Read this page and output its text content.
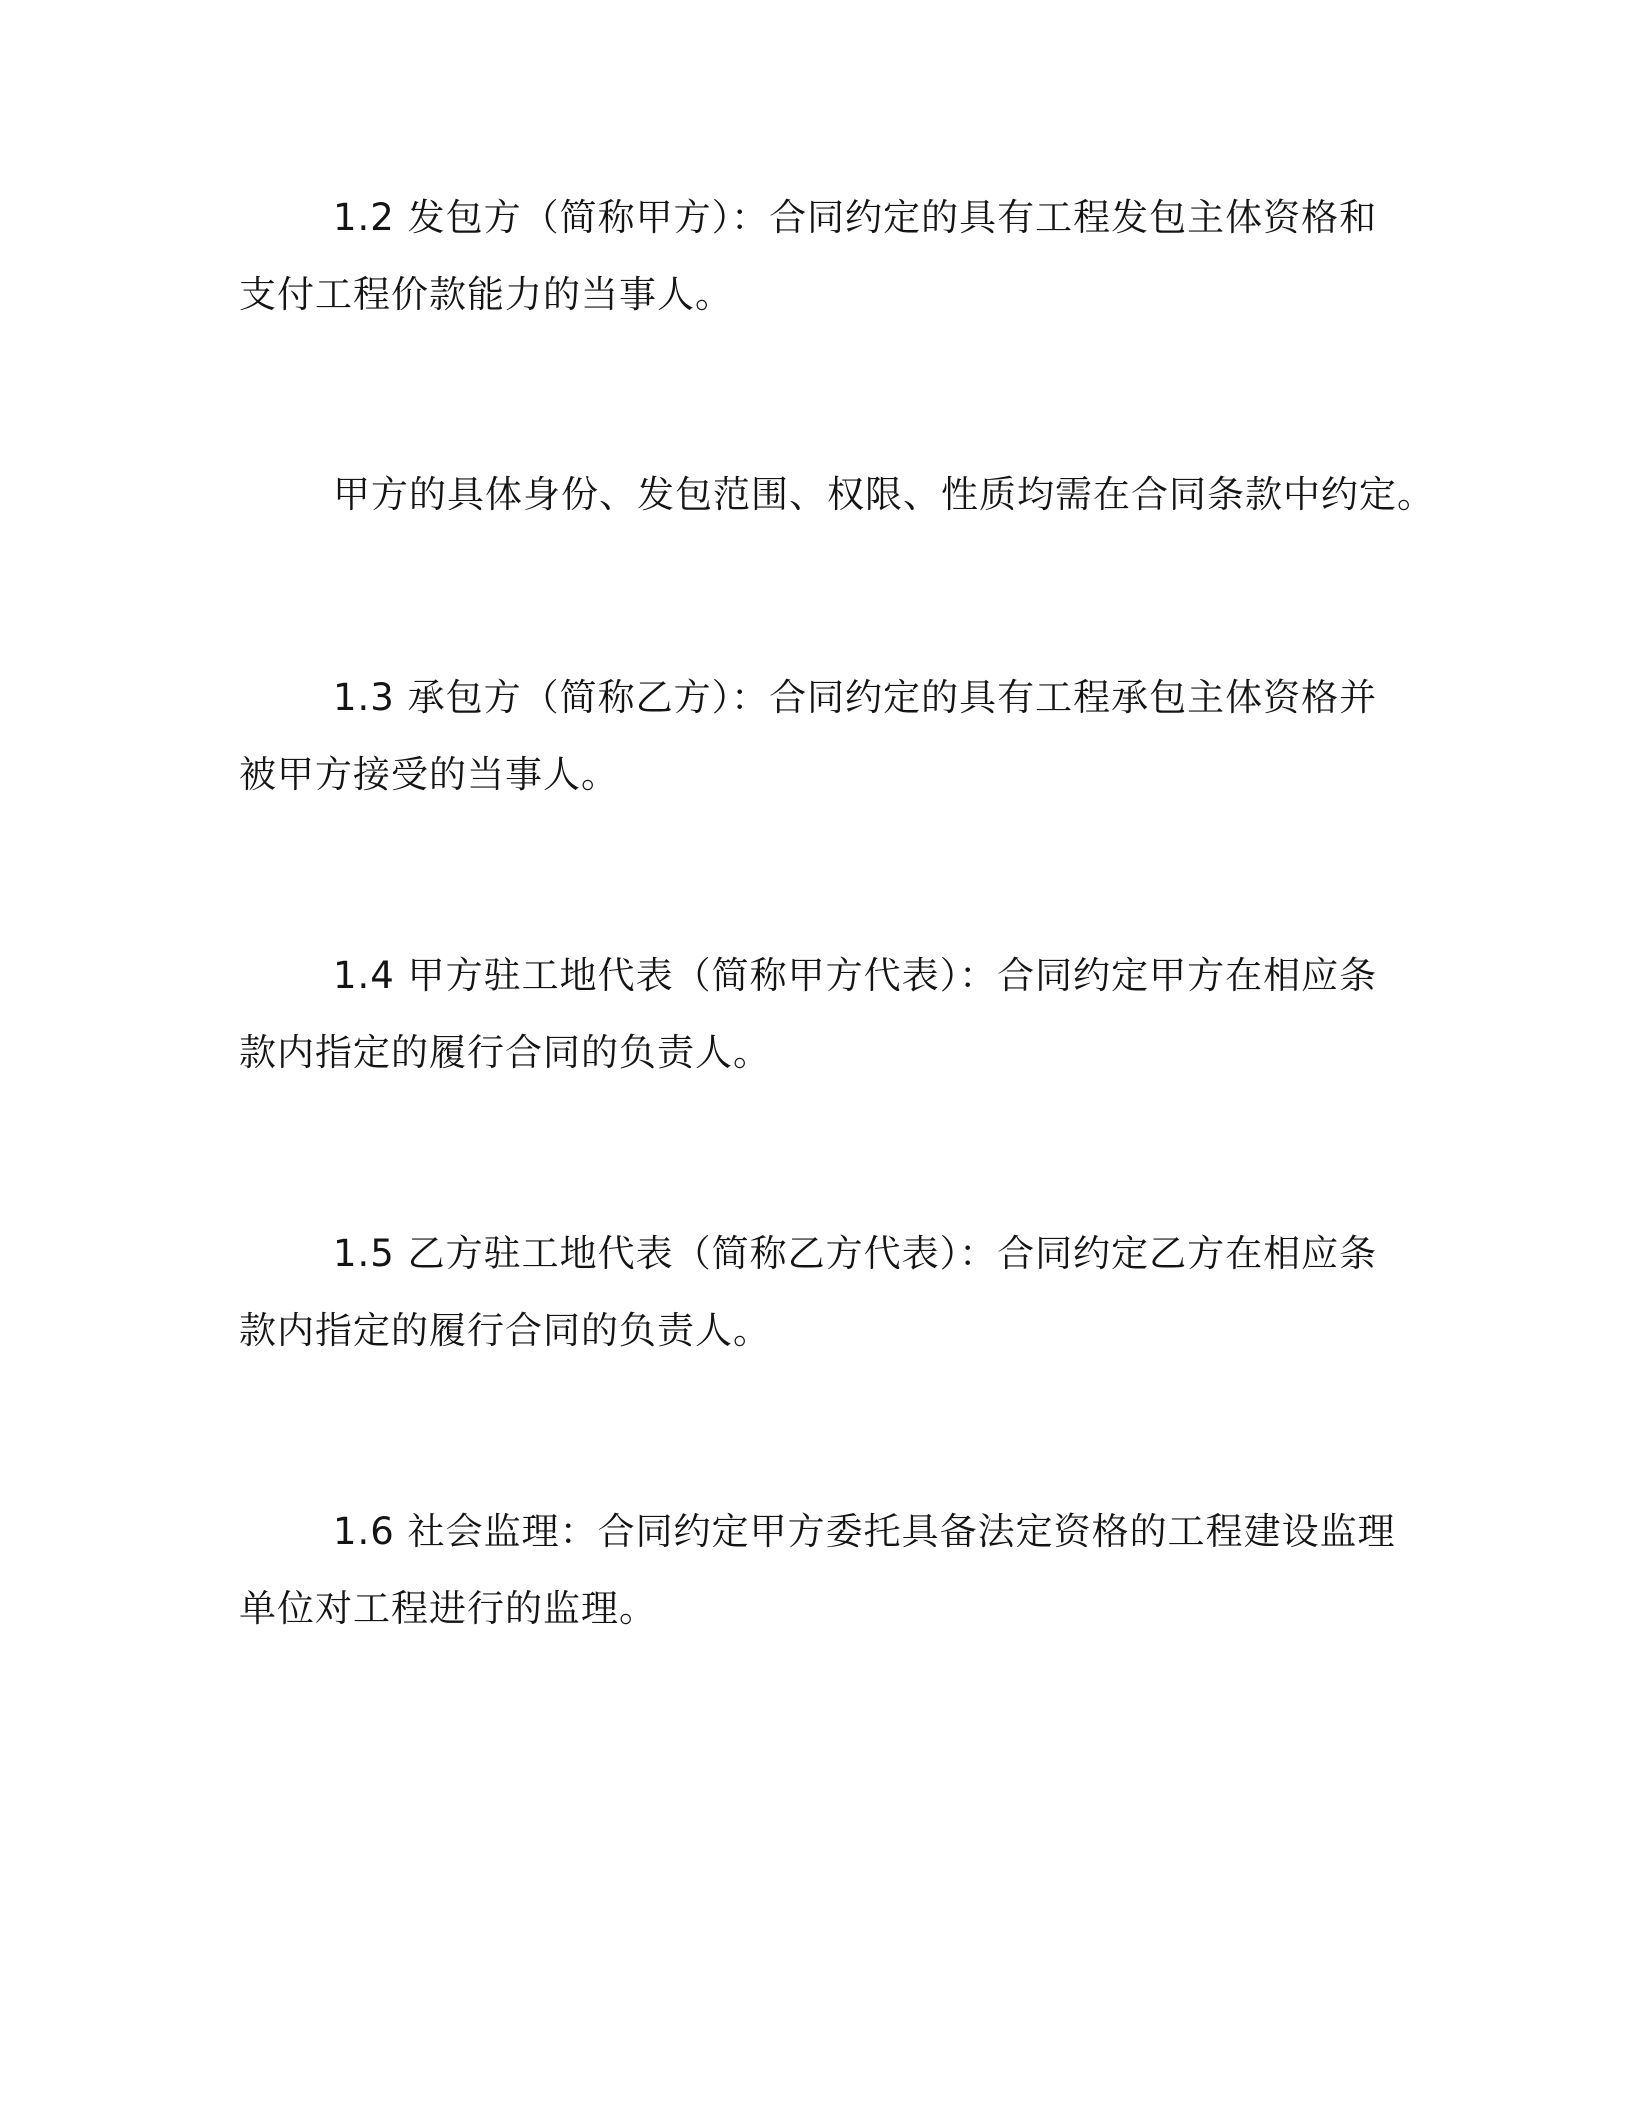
1.2 发包方（简称甲方）：合同约定的具有工程发包主体资格和
支付工程价款能力的当事人。
甲方的具体身份、发包范围、权限、性质均需在合同条款中约定。
1.3 承包方（简称乙方）：合同约定的具有工程承包主体资格并
被甲方接受的当事人。
1.4 甲方驻工地代表（简称甲方代表）：合同约定甲方在相应条
款内指定的履行合同的负责人。
1.5 乙方驻工地代表（简称乙方代表）：合同约定乙方在相应条
款内指定的履行合同的负责人。
1.6 社会监理：合同约定甲方委托具备法定资格的工程建设监理
单位对工程进行的监理。
